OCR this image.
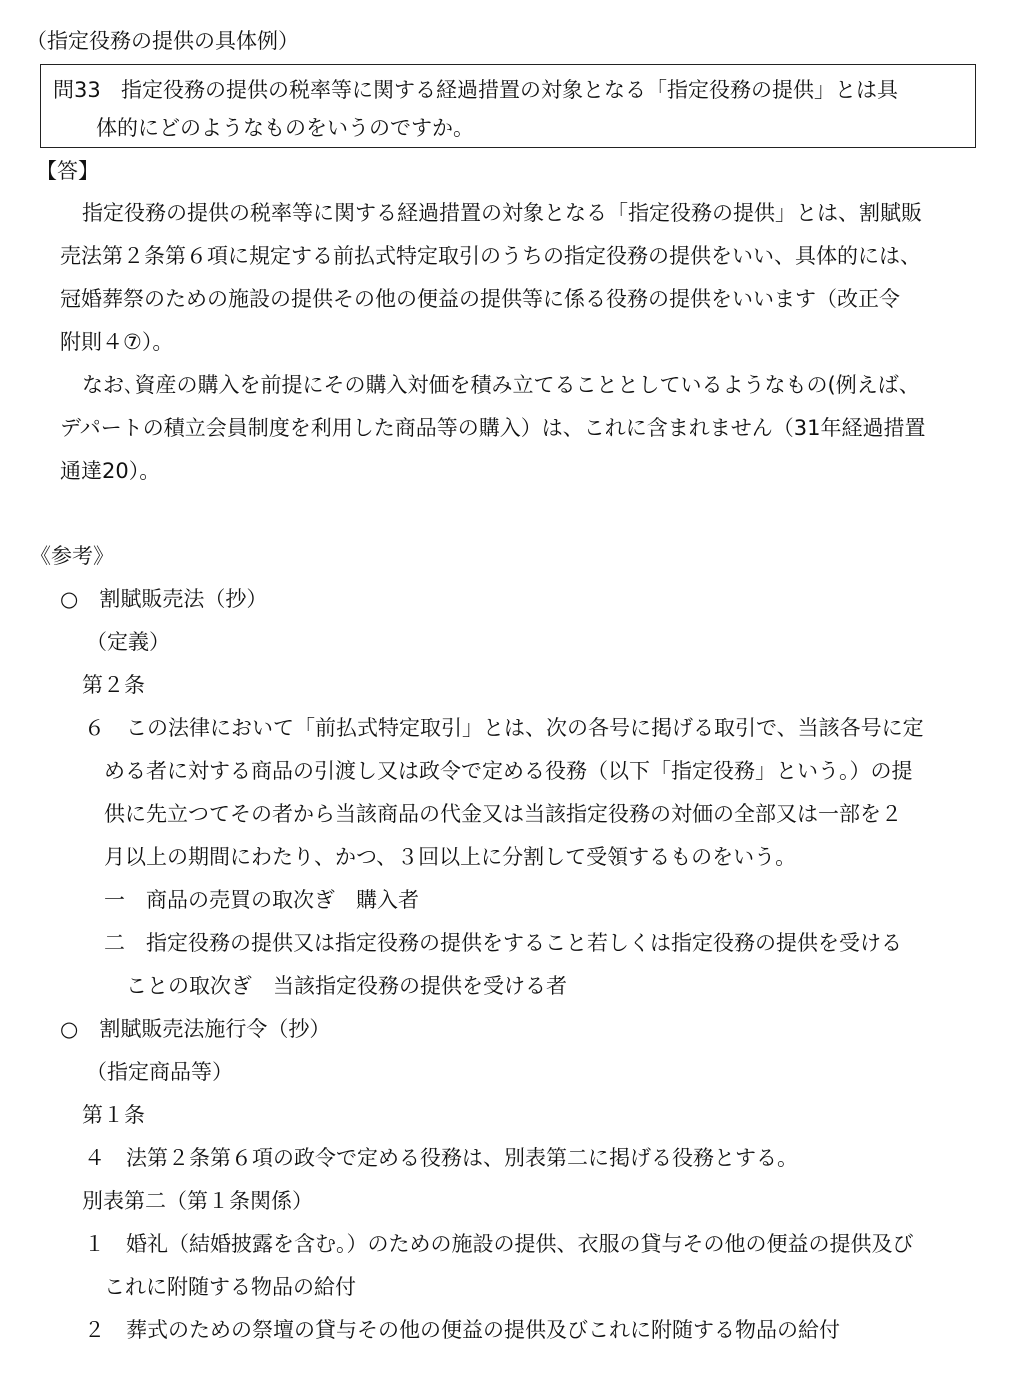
（指定役務の提供の具体例）
問33 指定役務の提供の税率等に関する経過措置の対象となる「指定役務の提供」とは具
体的にどのようなものをいうのですか。
【答】
指定役務の提供の税率等に関する経過措置の対象となる「指定役務の提供」とは、割賦販
売法第２条第６項に規定する前払式特定取引のうちの指定役務の提供をいい、具体的には、
冠婚葬祭のための施設の提供その他の便益の提供等に係る役務の提供をいいます（改正令
附則４⑦）。
なお､資産の購入を前提にその購入対価を積み立てることとしているようなもの(例えば、
デパートの積立会員制度を利用した商品等の購入）は、これに含まれません（31年経過措置
通達20）。
《参考》
○　割賦販売法（抄）
（定義）
第２条
６　この法律において「前払式特定取引」とは、次の各号に掲げる取引で、当該各号に定
める者に対する商品の引渡し又は政令で定める役務（以下「指定役務」という。）の提
供に先立つてその者から当該商品の代金又は当該指定役務の対価の全部又は一部を２
月以上の期間にわたり、かつ、３回以上に分割して受領するものをいう。
一　商品の売買の取次ぎ　購入者
二　指定役務の提供又は指定役務の提供をすること若しくは指定役務の提供を受ける
ことの取次ぎ　当該指定役務の提供を受ける者
○　割賦販売法施行令（抄）
（指定商品等）
第１条
４　法第２条第６項の政令で定める役務は、別表第二に掲げる役務とする。
別表第二（第１条関係）
１　婚礼（結婚披露を含む。）のための施設の提供、衣服の貸与その他の便益の提供及び
これに附随する物品の給付
２　葬式のための祭壇の貸与その他の便益の提供及びこれに附随する物品の給付
